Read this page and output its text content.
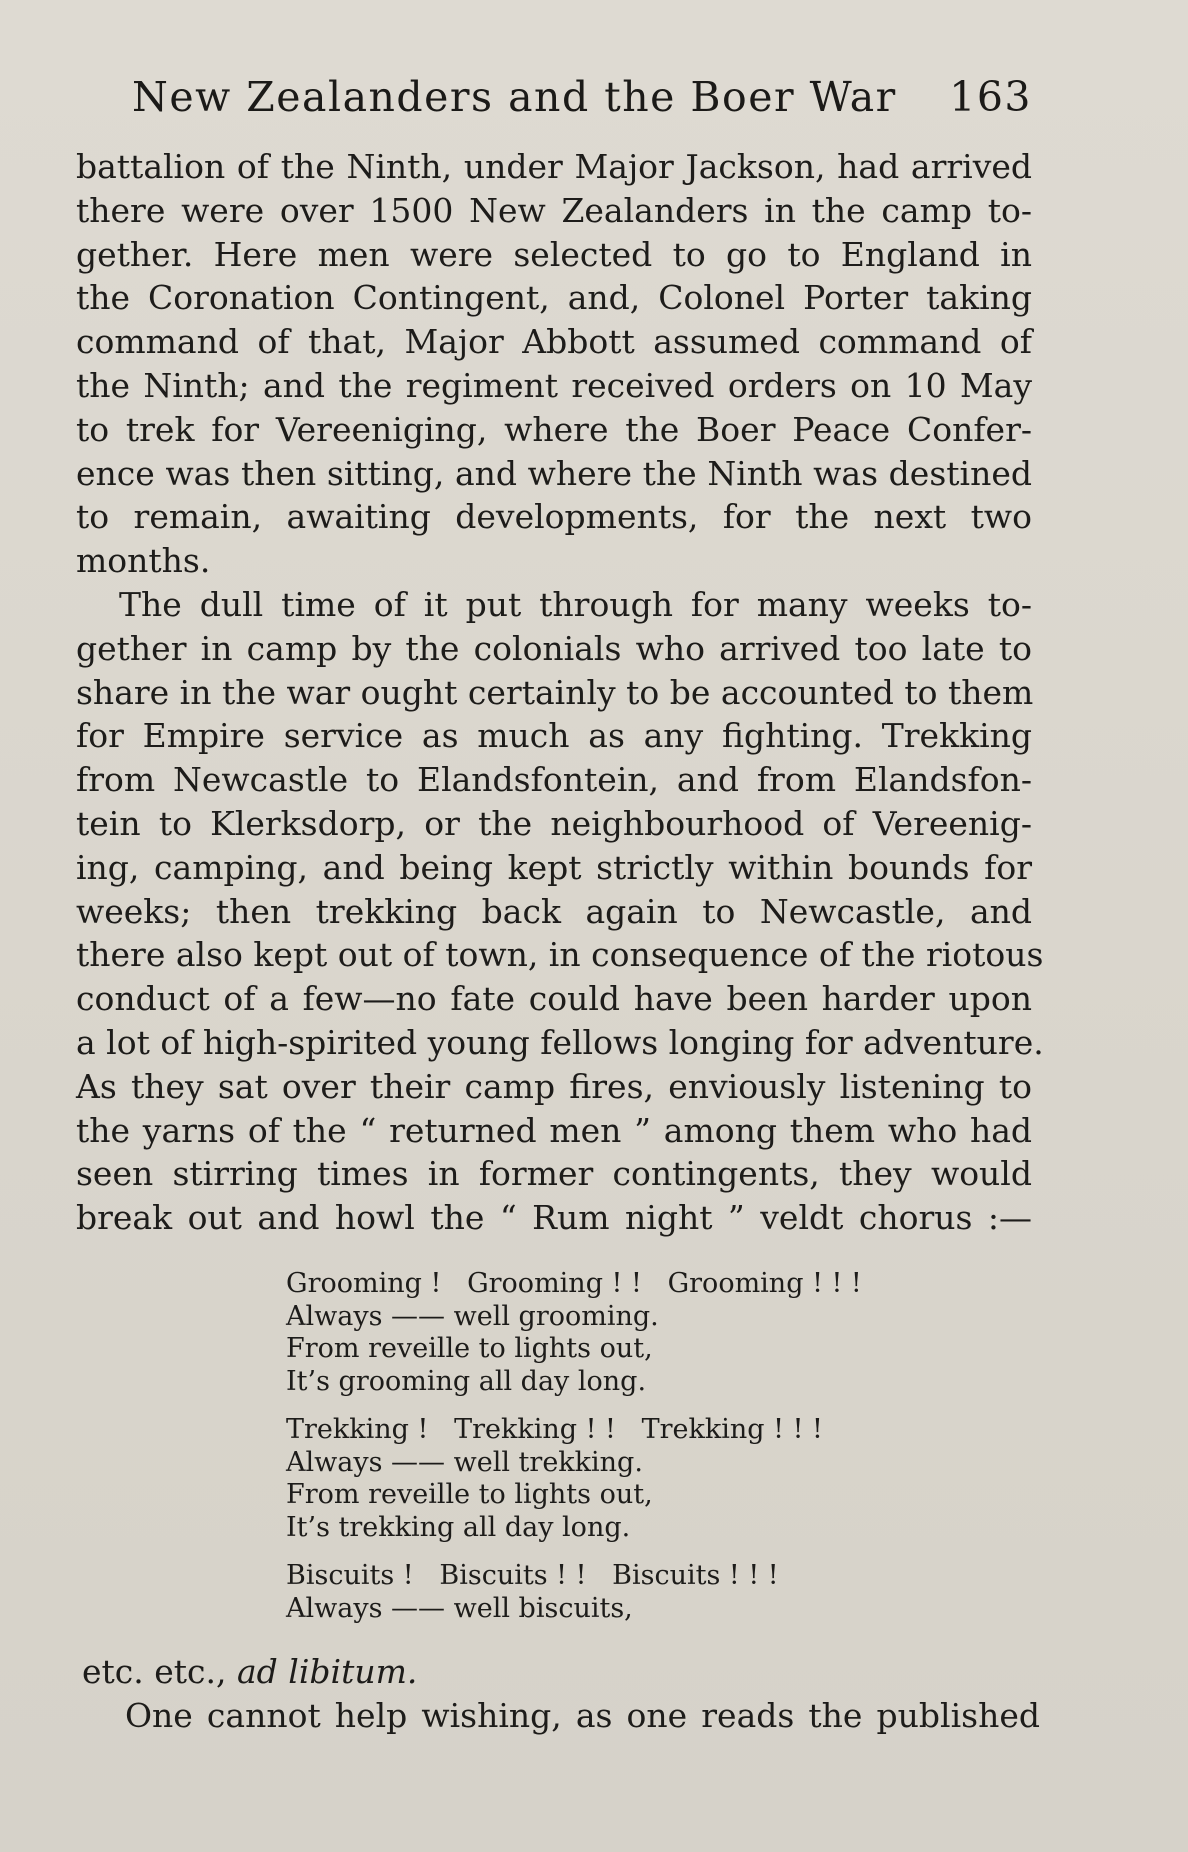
New Zealanders and the Boer War 163
battalion of the Ninth, under Major Jackson, had arrived
there were over 1500 New Zealanders in the camp to-
gether. Here men were selected to go to England in
the Coronation Contingent, and, Colonel Porter taking
command of that, Major Abbott assumed command of
the Ninth; and the regiment received orders on 10 May
to trek for Vereeniging, where the Boer Peace Confer-
ence was then sitting, and where the Ninth was destined
to remain, awaiting developments, for the next two
months.
The dull time of it put through for many weeks to-
gether in camp by the colonials who arrived too late to
share in the war ought certainly to be accounted to them
for Empire service as much as any fighting. Trekking
from Newcastle to Elandsfontein, and from Elandsfon-
tein to Klerksdorp, or the neighbourhood of Vereenig-
ing, camping, and being kept strictly within bounds for
weeks; then trekking back again to Newcastle, and
there also kept out of town, in consequence of the riotous
conduct of a few—no fate could have been harder upon
a lot of high-spirited young fellows longing for adventure.
As they sat over their camp fires, enviously listening to
the yarns of the “ returned men ” among them who had
seen stirring times in former contingents, they would
break out and howl the “ Rum night ” veldt chorus :—
Grooming !   Grooming ! !   Grooming ! ! !
Always —— well grooming.
From reveille to lights out,
It’s grooming all day long.
Trekking !   Trekking ! !   Trekking ! ! !
Always —— well trekking.
From reveille to lights out,
It’s trekking all day long.
Biscuits !   Biscuits ! !   Biscuits ! ! !
Always —— well biscuits,
etc. etc., ad libitum.
One cannot help wishing, as one reads the published
